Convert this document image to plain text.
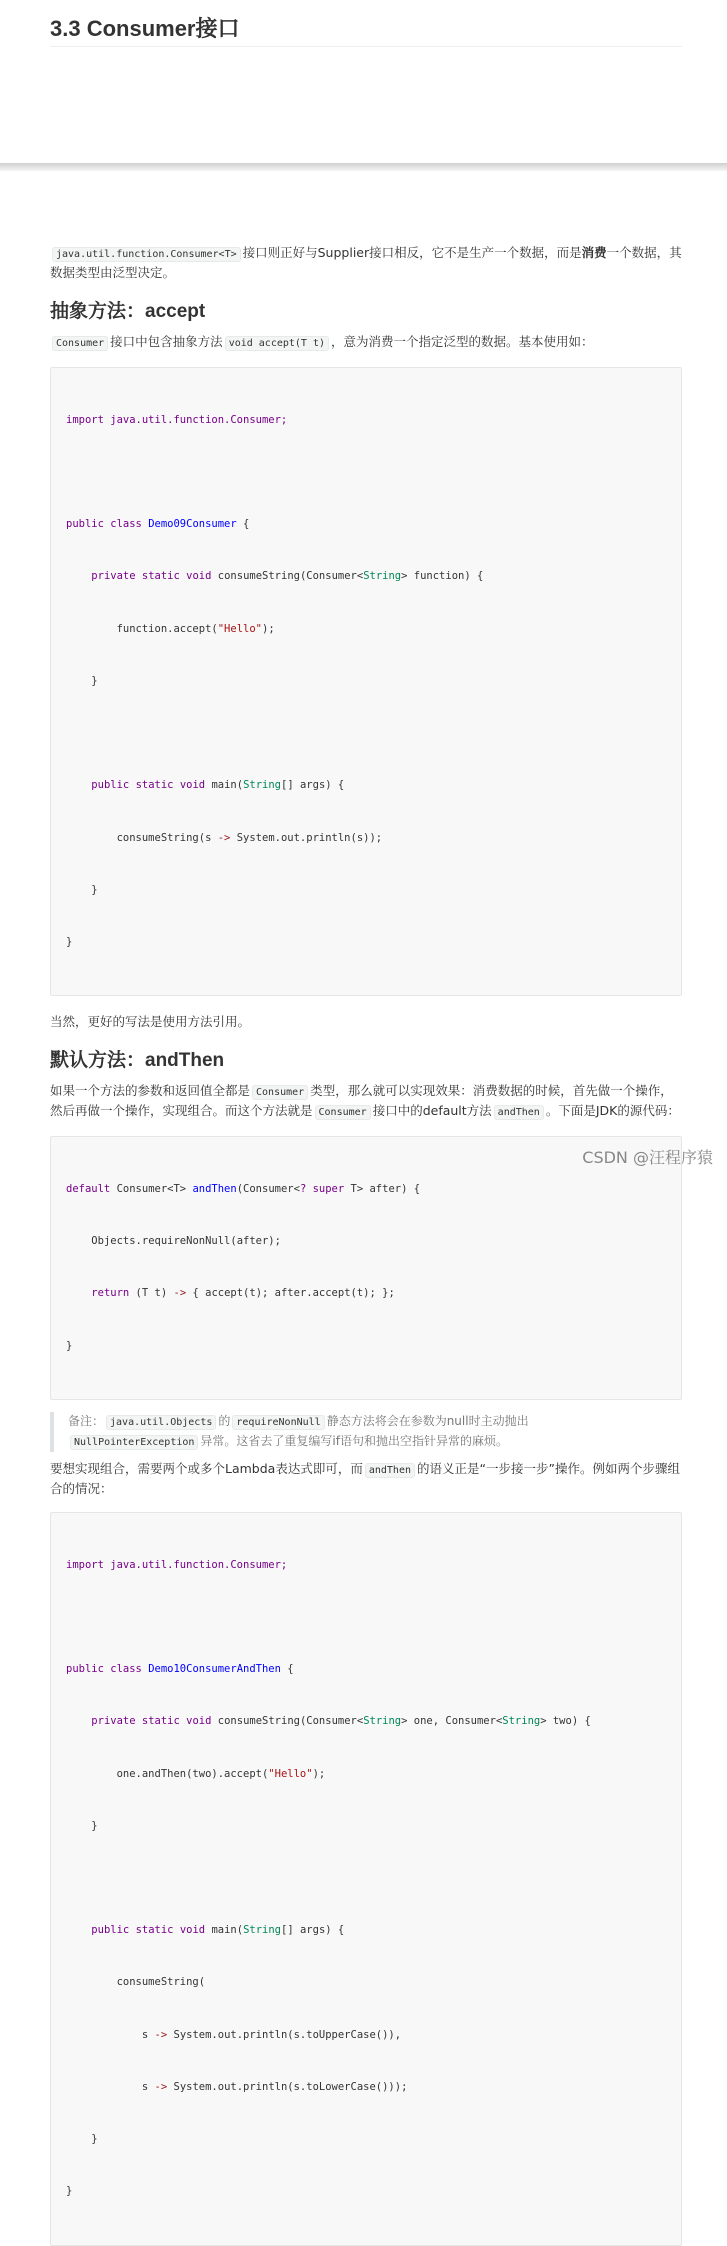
3.3 Consumer接口

java.util.function.Consumer<T> 接口则正好与Supplier接口相反，它不是生产一个数据，而是消费一个数据，其数据类型由泛型决定。

抽象方法：accept

Consumer 接口中包含抽象方法 void accept(T t) ，意为消费一个指定泛型的数据。基本使用如：

import java.util.function.Consumer;

public class Demo09Consumer {

private static void consumeString(Consumer<String> function) {

function.accept("Hello");

}

public static void main(String[] args) {

consumeString(s -> System.out.println(s));

}

}

当然，更好的写法是使用方法引用。

默认方法：andThen

如果一个方法的参数和返回值全都是 Consumer 类型，那么就可以实现效果：消费数据的时候，首先做一个操作，然后再做一个操作，实现组合。而这个方法就是 Consumer 接口中的default方法 andThen 。下面是JDK的源代码：

default Consumer<T> andThen(Consumer<? super T> after) {

Objects.requireNonNull(after);

return (T t) -> { accept(t); after.accept(t); };

}

备注： java.util.Objects 的 requireNonNull 静态方法将会在参数为null时主动抛出
NullPointerException 异常。这省去了重复编写if语句和抛出空指针异常的麻烦。

要想实现组合，需要两个或多个Lambda表达式即可，而 andThen 的语义正是“一步接一步”操作。例如两个步骤组合的情况：

import java.util.function.Consumer;

public class Demo10ConsumerAndThen {

private static void consumeString(Consumer<String> one, Consumer<String> two) {

one.andThen(two).accept("Hello");

}

public static void main(String[] args) {

consumeString(

s -> System.out.println(s.toUpperCase()),

s -> System.out.println(s.toLowerCase()));

}

}

CSDN @汪程序猿
